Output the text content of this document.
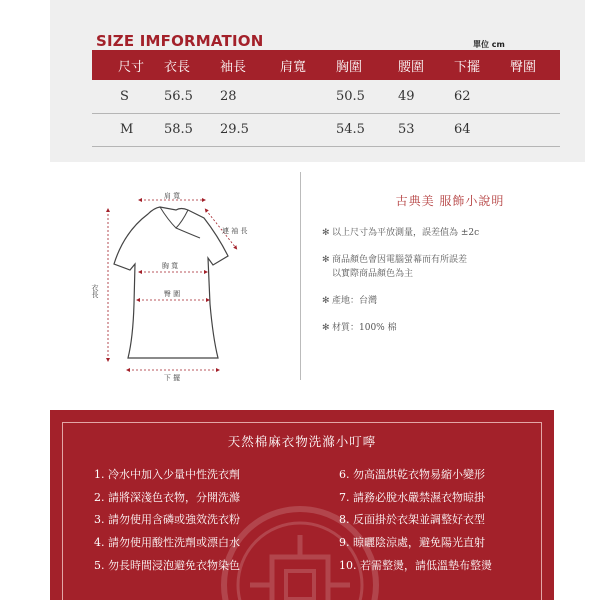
SIZE IMFORMATION	單位 cm
尺寸	衣長	袖長	肩寬	胸圍	腰圍	下擺	臀圍
S	56.5	28		50.5	49	62	
M	58.5	29.5		54.5	53	64	
肩 寬
連 袖 長
胸 寬
衣長	臀 圍
下 擺
古典美 服飾小說明
✻ 以上尺寸為平放測量，誤差值為 ±2c
✻ 商品顏色會因電腦螢幕而有所誤差
以實際商品顏色為主
✻ 產地：台灣
✻ 材質：100% 棉
天然棉麻衣物洗滌小叮嚀
1. 冷水中加入少量中性洗衣劑
2. 請將深淺色衣物，分開洗滌
3. 請勿使用含磷或強效洗衣粉
4. 請勿使用酸性洗劑或漂白水
5. 勿長時間浸泡避免衣物染色
6. 勿高溫烘乾衣物易縮小變形
7. 請務必脫水嚴禁濕衣物晾掛
8. 反面掛於衣架並調整好衣型
9. 晾曬陰涼處，避免陽光直射
10. 若需整燙，請低溫墊布整燙
